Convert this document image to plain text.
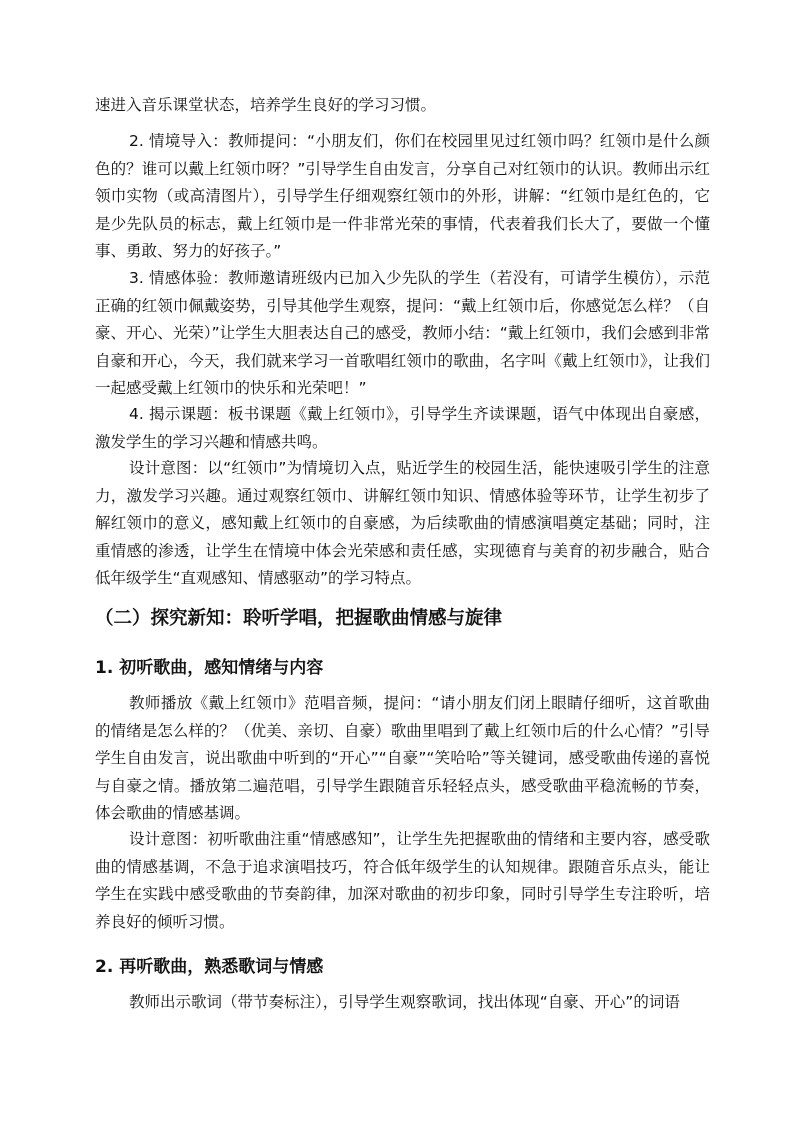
速进入音乐课堂状态，培养学生良好的学习习惯。

2. 情境导入：教师提问：“小朋友们，你们在校园里见过红领巾吗？红领巾是什么颜色的？谁可以戴上红领巾呀？”引导学生自由发言，分享自己对红领巾的认识。教师出示红领巾实物（或高清图片），引导学生仔细观察红领巾的外形，讲解：“红领巾是红色的，它是少先队员的标志，戴上红领巾是一件非常光荣的事情，代表着我们长大了，要做一个懂事、勇敢、努力的好孩子。”

3. 情感体验：教师邀请班级内已加入少先队的学生（若没有，可请学生模仿），示范正确的红领巾佩戴姿势，引导其他学生观察，提问：“戴上红领巾后，你感觉怎么样？（自豪、开心、光荣）”让学生大胆表达自己的感受，教师小结：“戴上红领巾，我们会感到非常自豪和开心，今天，我们就来学习一首歌唱红领巾的歌曲，名字叫《戴上红领巾》，让我们一起感受戴上红领巾的快乐和光荣吧！”

4. 揭示课题：板书课题《戴上红领巾》，引导学生齐读课题，语气中体现出自豪感，激发学生的学习兴趣和情感共鸣。

设计意图：以“红领巾”为情境切入点，贴近学生的校园生活，能快速吸引学生的注意力，激发学习兴趣。通过观察红领巾、讲解红领巾知识、情感体验等环节，让学生初步了解红领巾的意义，感知戴上红领巾的自豪感，为后续歌曲的情感演唱奠定基础；同时，注重情感的渗透，让学生在情境中体会光荣感和责任感，实现德育与美育的初步融合，贴合低年级学生“直观感知、情感驱动”的学习特点。

（二）探究新知：聆听学唱，把握歌曲情感与旋律
1. 初听歌曲，感知情绪与内容

教师播放《戴上红领巾》范唱音频，提问：“请小朋友们闭上眼睛仔细听，这首歌曲的情绪是怎么样的？（优美、亲切、自豪）歌曲里唱到了戴上红领巾后的什么心情？”引导学生自由发言，说出歌曲中听到的“开心”“自豪”“笑哈哈”等关键词，感受歌曲传递的喜悦与自豪之情。播放第二遍范唱，引导学生跟随音乐轻轻点头，感受歌曲平稳流畅的节奏，体会歌曲的情感基调。

设计意图：初听歌曲注重“情感感知”，让学生先把握歌曲的情绪和主要内容，感受歌曲的情感基调，不急于追求演唱技巧，符合低年级学生的认知规律。跟随音乐点头，能让学生在实践中感受歌曲的节奏韵律，加深对歌曲的初步印象，同时引导学生专注聆听，培养良好的倾听习惯。

2. 再听歌曲，熟悉歌词与情感

教师出示歌词（带节奏标注），引导学生观察歌词，找出体现“自豪、开心”的词语
